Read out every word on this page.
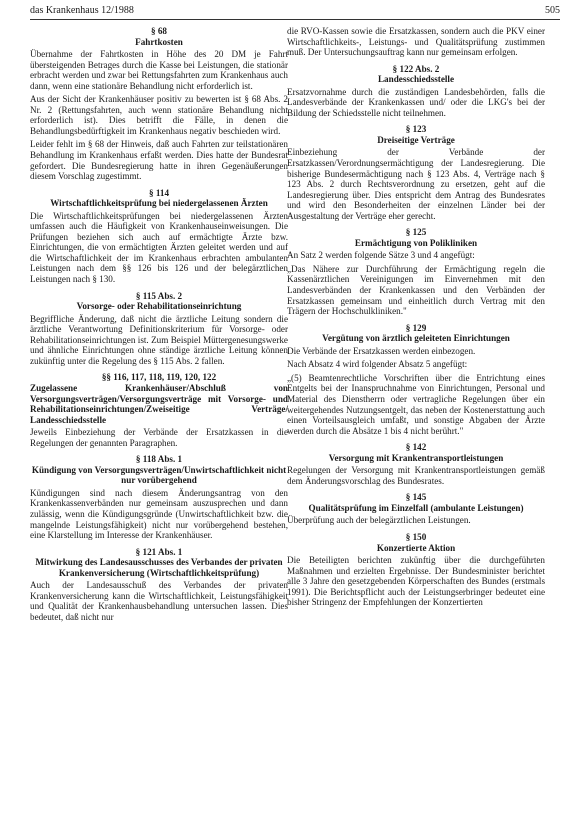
das Krankenhaus 12/1988	505
§ 68
Fahrtkosten

Übernahme der Fahrtkosten in Höhe des 20 DM je Fahrt übersteigenden Betrages durch die Kasse bei Leistungen, die stationär erbracht werden und zwar bei Rettungsfahrten zum Krankenhaus auch dann, wenn eine stationäre Behandlung nicht erforderlich ist.

Aus der Sicht der Krankenhäuser positiv zu bewerten ist § 68 Abs. 2 Nr. 2 (Rettungsfahrten, auch wenn stationäre Behandlung nicht erforderlich ist). Dies betrifft die Fälle, in denen die Behandlungsbedürftigkeit im Krankenhaus negativ beschieden wird.

Leider fehlt im § 68 der Hinweis, daß auch Fahrten zur teilstationären Behandlung im Krankenhaus erfaßt werden. Dies hatte der Bundesrat gefordert. Die Bundesregierung hatte in ihren Gegenäußerungen diesem Vorschlag zugestimmt.

§ 114
Wirtschaftlichkeitsprüfung bei niedergelassenen Ärzten

Die Wirtschaftlichkeitsprüfungen bei niedergelassenen Ärzten umfassen auch die Häufigkeit von Krankenhauseinweisungen. Die Prüfungen beziehen sich auch auf ermächtigte Ärzte bzw. Einrichtungen, die von ermächtigten Ärzten geleitet werden und auf die Wirtschaftlichkeit der im Krankenhaus erbrachten ambulanten Leistungen nach dem §§ 126 bis 126 und der belegärztlichen Leistungen nach § 130.

§ 115 Abs. 2
Vorsorge- oder Rehabilitationseinrichtung

Begriffliche Änderung, daß nicht die ärztliche Leitung sondern die ärztliche Verantwortung Definitionskriterium für Vorsorge- oder Rehabilitationseinrichtungen ist. Zum Beispiel Müttergenesungswerke und ähnliche Einrichtungen ohne ständige ärztliche Leitung können zukünftig unter die Regelung des § 115 Abs. 2 fallen.

§§ 116, 117, 118, 119, 120, 122
Zugelassene Krankenhäuser/Abschluß von Versorgungsverträgen/Versorgungsverträge mit Vorsorge- und Rehabilitationseinrichtungen/Zweiseitige Verträge/ Landesschiedsstelle

Jeweils Einbeziehung der Verbände der Ersatzkassen in die Regelungen der genannten Paragraphen.

§ 118 Abs. 1
Kündigung von Versorgungsverträgen/Unwirtschaftlichkeit nicht nur vorübergehend

Kündigungen sind nach diesem Änderungsantrag von den Krankenkassenverbänden nur gemeinsam auszusprechen und dann zulässig, wenn die Kündigungsgründe (Unwirtschaftlichkeit bzw. die mangelnde Leistungsfähigkeit) nicht nur vorübergehend bestehen, eine Klarstellung im Interesse der Krankenhäuser.

§ 121 Abs. 1
Mitwirkung des Landesausschusses des Verbandes der privaten Krankenversicherung (Wirtschaftlichkeitsprüfung)

Auch der Landesausschuß des Verbandes der privaten Krankenversicherung kann die Wirtschaftlichkeit, Leistungsfähigkeit und Qualität der Krankenhausbehandlung untersuchen lassen. Dies bedeutet, daß nicht nur

die RVO-Kassen sowie die Ersatzkassen, sondern auch die PKV einer Wirtschaftlichkeits-, Leistungs- und Qualitätsprüfung zustimmen muß. Der Untersuchungsauftrag kann nur gemeinsam erfolgen.

§ 122 Abs. 2
Landesschiedsstelle

Ersatzvornahme durch die zuständigen Landesbehörden, falls die Landesverbände der Krankenkassen und/ oder die LKG's bei der Bildung der Schiedsstelle nicht teilnehmen.

§ 123
Dreiseitige Verträge

Einbeziehung der Verbände der Ersatzkassen/Verordnungsermächtigung der Landesregierung. Die bisherige Bundesermächtigung nach § 123 Abs. 4, Verträge nach § 123 Abs. 2 durch Rechtsverordnung zu ersetzen, geht auf die Landesregierung über. Dies entspricht dem Antrag des Bundesrates und wird den Besonderheiten der einzelnen Länder bei der Ausgestaltung der Verträge eher gerecht.

§ 125
Ermächtigung von Polikliniken

An Satz 2 werden folgende Sätze 3 und 4 angefügt:

„Das Nähere zur Durchführung der Ermächtigung regeln die Kassenärztlichen Vereinigungen im Einvernehmen mit den Landesverbänden der Krankenkassen und den Verbänden der Ersatzkassen gemeinsam und einheitlich durch Vertrag mit den Trägern der Hochschulkliniken."

§ 129
Vergütung von ärztlich geleiteten Einrichtungen

Die Verbände der Ersatzkassen werden einbezogen.

Nach Absatz 4 wird folgender Absatz 5 angefügt:

„(5) Beamtenrechtliche Vorschriften über die Entrichtung eines Entgelts bei der Inanspruchnahme von Einrichtungen, Personal und Material des Dienstherrn oder vertragliche Regelungen über ein weitergehendes Nutzungsentgelt, das neben der Kostenerstattung auch einen Vorteilsausgleich umfaßt, und sonstige Abgaben der Ärzte werden durch die Absätze 1 bis 4 nicht berührt."

§ 142
Versorgung mit Krankentransportleistungen

Regelungen der Versorgung mit Krankentransportleistungen gemäß dem Änderungsvorschlag des Bundesrates.

§ 145
Qualitätsprüfung im Einzelfall (ambulante Leistungen)

Überprüfung auch der belegärztlichen Leistungen.

§ 150
Konzertierte Aktion

Die Beteiligten berichten zukünftig über die durchgeführten Maßnahmen und erzielten Ergebnisse. Der Bundesminister berichtet alle 3 Jahre den gesetzgebenden Körperschaften des Bundes (erstmals 1991). Die Berichtspflicht auch der Leistungserbringer bedeutet eine bisher Stringenz der Empfehlungen der Konzertierten
